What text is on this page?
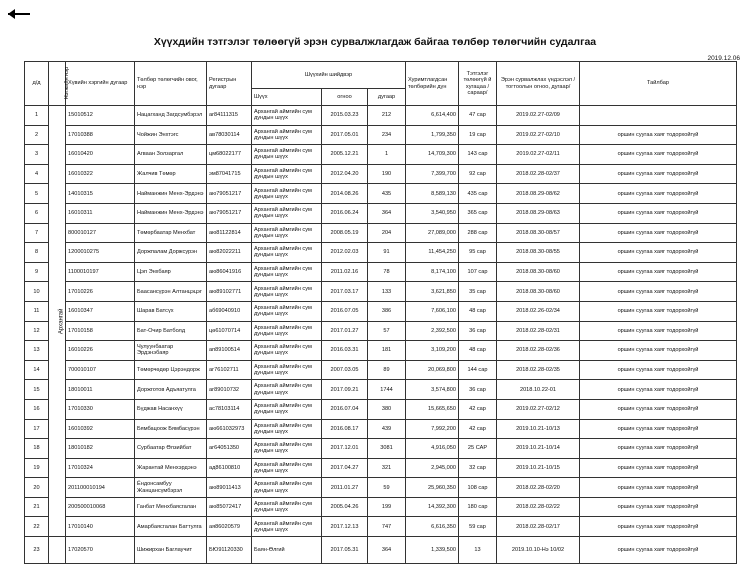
Хүүхдийн тэтгэлэг төлөөгүй эрэн сурвалжлагдаж байгаа төлбөр төлөгчийн судалгаа
2019.12.06
д/д	Нэгжийн нэр	Хүвийн хэргийн дугаар	Төлбөр төлөгчийн овог, нэр	Регистрын дугаар	Шүүхийн шийдвэр			Хуримтлагдсан төлбөрийн дүн	Тэтгэлэг төлөөгүй й хугацаа /сараар/	Эрэн сурвалжлах үндэслэл /тогтоолын огноо, дугаар/	Тайлбар
					Шүүх	огноо	дугаар				
1	Архангай	15010512	Нацагханд Загдсумбэрэл	ar84111315	Архангай аймгийн сум дундын шүүх	2015.03.23	212	6,614,400	47 сар	2019.02.27-02/09	
2		17010388	Чойжин Энхтэгс	ав78030114	Архангай аймгийн сум дундын шүүх	2017.05.01	234	1,799,350	19 сар	2019.02.27-02/10	оршин суугаа хаяг тодорхойгүй
3		16010420	Агваан Золзаргал	цм68022177	Архангай аймгийн сум дундын шүүх	2005.12.21	1	14,709,300	143 сар	2019.02.27-02/11	оршин суугаа хаяг тодорхойгүй
4		16010322	Жалчив Төмөр	эм87041715	Архангай аймгийн сум дундын шүүх	2012.04.20	190	7,399,700	92 сар	2018.02.28-02/37	оршин суугаа хаяг тодорхойгүй
5		14010315	Найманжин Менх-Эрдэнэ	аю79051217	Архангай аймгийн сум дундын шүүх	2014.08.26	435	8,589,130	435 сар	2018.08.29-08/62	оршин суугаа хаяг тодорхойгүй
6		16010311	Найманжин Менх-Эрдэнэ	аю79051217	Архангай аймгийн сум дундын шүүх	2016.06.24	364	3,540,950	365 сар	2018.08.29-08/63	оршин суугаа хаяг тодорхойгүй
7		800010127	Төмөрбаатар Менхбат	аю81122814	Архангай аймгийн сум дундын шүүх	2008.05.19	204	27,089,000	288 сар	2018.08.30-08/57	оршин суугаа хаяг тодорхойгүй
8		1200010275	Доржпалам Доржсурэн	аю82022211	Архангай аймгийн сум дундын шүүх	2012.02.03	91	11,454,250	95 сар	2018.08.30-08/55	оршин суугаа хаяг тодорхойгүй
9		1100010197	Цэп Энхбаяр	аю86041916	Архангай аймгийн сум дундын шүүх	2011.02.16	78	8,174,100	107 сар	2018.08.30-08/60	оршин суугаа хаяг тодорхойгүй
10		17010226	Баасансүрэн Алтанцэцэг	аю89102771	Архангай аймгийн сум дундын шүүх	2017.03.17	133	3,621,850	35 сар	2018.08.30-08/60	оршин суугаа хаяг тодорхойгүй
11		16010347	Шарав Батсүх	аб69040910	Архангай аймгийн сум дундын шүүх	2016.07.05	386	7,606,100	48 сар	2018.02.26-02/34	оршин суугаа хаяг тодорхойгүй
12		17010158	Бат-Очир Батболд	цө61070714	Архангай аймгийн сум дундын шүүх	2017.01.27	57	2,392,500	36 сар	2018.02.28-02/31	оршин суугаа хаяг тодорхойгүй
13		16010226	Чулуунбаатар Эрдэнэбаяр	ап89100514	Архангай аймгийн сум дундын шүүх	2016.03.31	181	3,109,200	48 сар	2018.02.28-02/36	оршин суугаа хаяг тодорхойгүй
14		700010107	Төмөрчөдөр Цэрэндорж	аг76102711	Архангай аймгийн сум дундын шүүх	2007.03.05	89	20,069,800	144 сар	2018.02.28-02/35	оршин суугаа хаяг тодорхойгүй
15		18010011	Доржготов Адъяатулга	аг89010732	Архангай аймгийн сум дундын шүүх	2017.09.21	1744	3,574,800	36 сар	2018.10.22-01	оршин суугаа хаяг тодорхойгүй
16		17010330	Бүджав Насанхүү	ас78103114	Архангай аймгийн сум дундын шүүх	2016.07.04	380	15,665,650	42 сар	2019.02.27-02/12	оршин суугаа хаяг тодорхойгүй
17		16010392	Бямбацоож Бямбасүрэн	аю661032973	Архангай аймгийн сум дундын шүүх	2016.08.17	439	7,992,200	42 сар	2019.10.21-10/13	оршин суугаа хаяг тодорхойгүй
18		18010182	Сурбаатар Өлзийбат	аг64051350	Архангай аймгийн сум дундын шүүх	2017.12.01	3081	4,916,050	25 САР	2019.10.21-10/14	оршин суугаа хаяг тодорхойгүй
19		17010324	Жарантай Менхэрдэнэ	ад86100810	Архангай аймгийн сум дундын шүүх	2017.04.27	321	2,945,000	32 сар	2019.10.21-10/15	оршин суугаа хаяг тодорхойгүй
20		201100010194	Ёндонсамбуу Жанцансүмбэрэл	аю89011413	Архангай аймгийн сум дундын шүүх	2011.01.27	59	25,960,350	108 сар	2018.02.28-02/20	оршин суугаа хаяг тодорхойгүй
21		200500010068	Ганбат Менхбаясгалан	аю85072417	Архангай аймгийн сум дундын шүүх	2005.04.26	199	14,392,300	180 сар	2018.02.28-02/22	оршин суугаа хаяг тодорхойгүй
22		17010140	Амарбаясгалан Баттулга	ая86020579	Архангай аймгийн сум дундын шүүх	2017.12.13	747	6,616,350	59 сар	2018.02.28-02/17	оршин суугаа хаяг тодорхойгүй
23		17020570	Шижирхан Баглаучит	БЮ91120330	Баян-Өлгий	2017.05.31	364	1,339,500	13	2019.10.10-Нэ 10/02	оршин суугаа хаяг тодорхойгүй
